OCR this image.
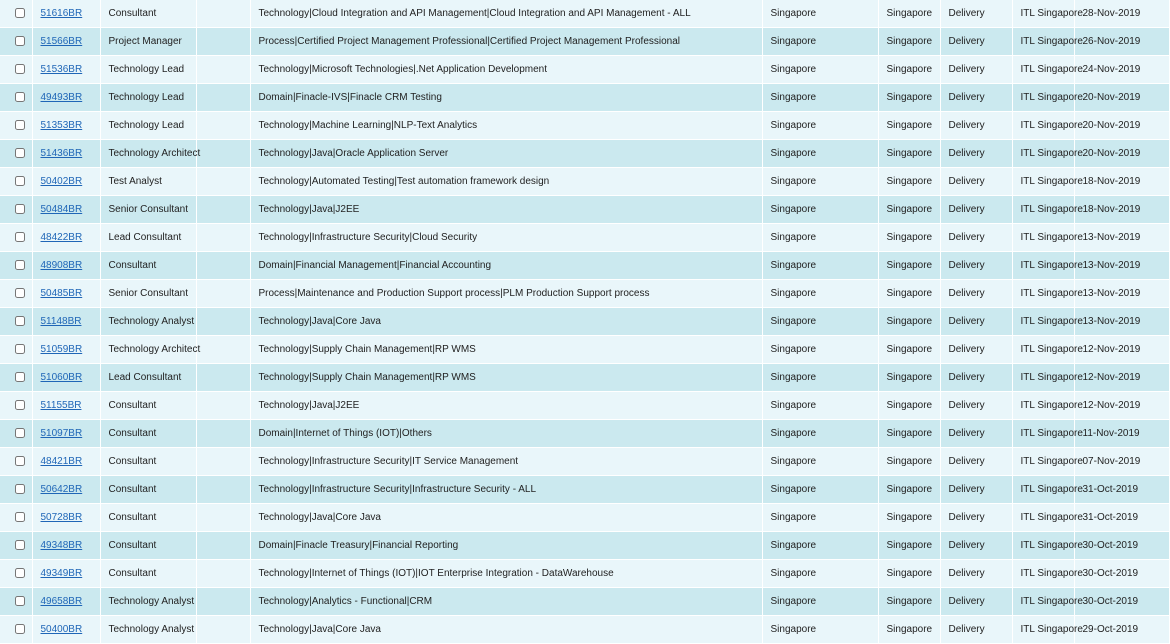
	51616BR	Consultant		Technology|Cloud Integration and API Management|Cloud Integration and API Management - ALL	Singapore	Singapore	Delivery	ITL Singapore	28-Nov-2019
	51566BR	Project Manager		Process|Certified Project Management Professional|Certified Project Management Professional	Singapore	Singapore	Delivery	ITL Singapore	26-Nov-2019
	51536BR	Technology Lead		Technology|Microsoft Technologies|.Net Application Development	Singapore	Singapore	Delivery	ITL Singapore	24-Nov-2019
	49493BR	Technology Lead		Domain|Finacle-IVS|Finacle CRM Testing	Singapore	Singapore	Delivery	ITL Singapore	20-Nov-2019
	51353BR	Technology Lead		Technology|Machine Learning|NLP-Text Analytics	Singapore	Singapore	Delivery	ITL Singapore	20-Nov-2019
	51436BR	Technology Architect		Technology|Java|Oracle Application Server	Singapore	Singapore	Delivery	ITL Singapore	20-Nov-2019
	50402BR	Test Analyst		Technology|Automated Testing|Test automation framework design	Singapore	Singapore	Delivery	ITL Singapore	18-Nov-2019
	50484BR	Senior Consultant		Technology|Java|J2EE	Singapore	Singapore	Delivery	ITL Singapore	18-Nov-2019
	48422BR	Lead Consultant		Technology|Infrastructure Security|Cloud Security	Singapore	Singapore	Delivery	ITL Singapore	13-Nov-2019
	48908BR	Consultant		Domain|Financial Management|Financial Accounting	Singapore	Singapore	Delivery	ITL Singapore	13-Nov-2019
	50485BR	Senior Consultant		Process|Maintenance and Production Support process|PLM Production Support process	Singapore	Singapore	Delivery	ITL Singapore	13-Nov-2019
	51148BR	Technology Analyst		Technology|Java|Core Java	Singapore	Singapore	Delivery	ITL Singapore	13-Nov-2019
	51059BR	Technology Architect		Technology|Supply Chain Management|RP WMS	Singapore	Singapore	Delivery	ITL Singapore	12-Nov-2019
	51060BR	Lead Consultant		Technology|Supply Chain Management|RP WMS	Singapore	Singapore	Delivery	ITL Singapore	12-Nov-2019
	51155BR	Consultant		Technology|Java|J2EE	Singapore	Singapore	Delivery	ITL Singapore	12-Nov-2019
	51097BR	Consultant		Domain|Internet of Things (IOT)|Others	Singapore	Singapore	Delivery	ITL Singapore	11-Nov-2019
	48421BR	Consultant		Technology|Infrastructure Security|IT Service Management	Singapore	Singapore	Delivery	ITL Singapore	07-Nov-2019
	50642BR	Consultant		Technology|Infrastructure Security|Infrastructure Security - ALL	Singapore	Singapore	Delivery	ITL Singapore	31-Oct-2019
	50728BR	Consultant		Technology|Java|Core Java	Singapore	Singapore	Delivery	ITL Singapore	31-Oct-2019
	49348BR	Consultant		Domain|Finacle Treasury|Financial Reporting	Singapore	Singapore	Delivery	ITL Singapore	30-Oct-2019
	49349BR	Consultant		Technology|Internet of Things (IOT)|IOT Enterprise Integration - DataWarehouse	Singapore	Singapore	Delivery	ITL Singapore	30-Oct-2019
	49658BR	Technology Analyst		Technology|Analytics - Functional|CRM	Singapore	Singapore	Delivery	ITL Singapore	30-Oct-2019
	50400BR	Technology Analyst		Technology|Java|Core Java	Singapore	Singapore	Delivery	ITL Singapore	29-Oct-2019
